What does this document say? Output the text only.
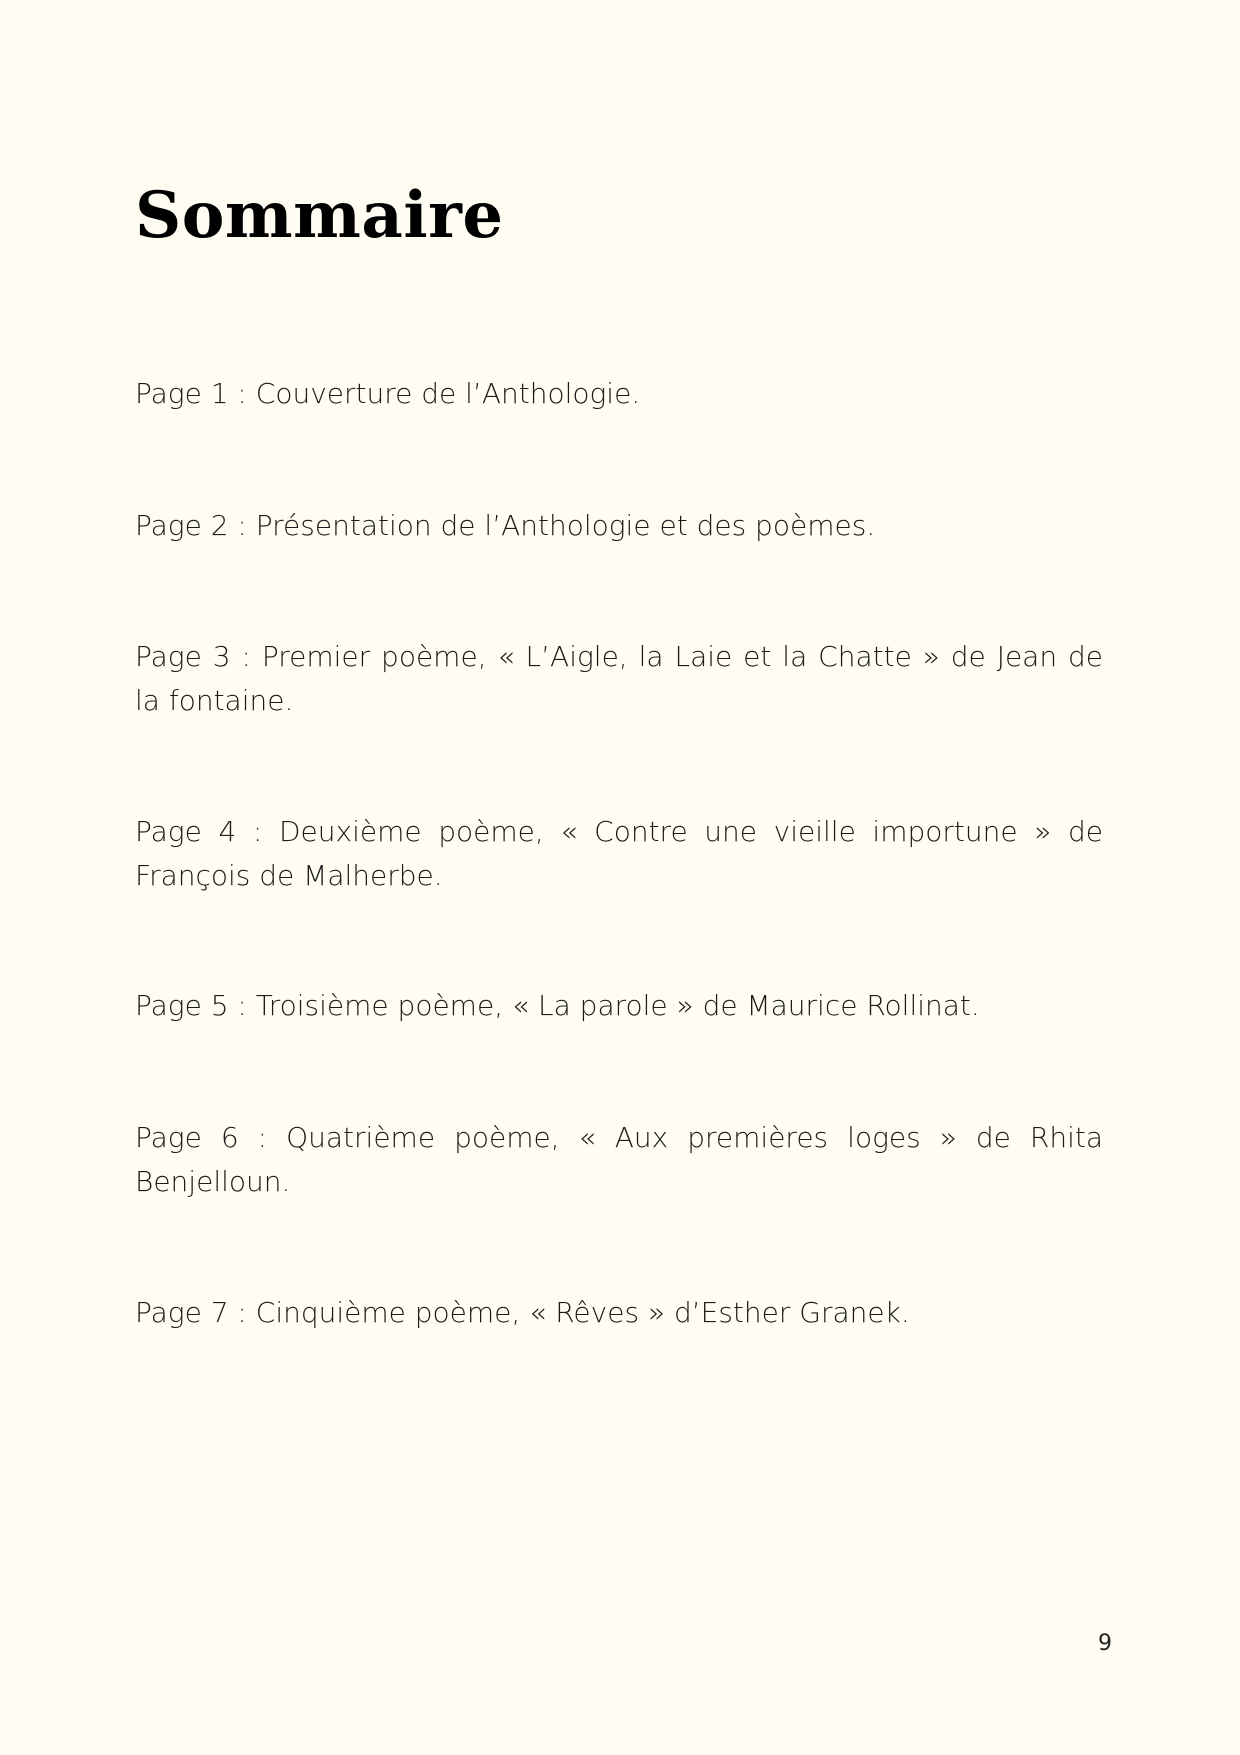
Sommaire

Page 1 : Couverture de l’Anthologie.

Page 2 : Présentation de l’Anthologie et des poèmes.

Page 3 : Premier poème, « L’Aigle, la Laie et la Chatte » de Jean de la fontaine.

Page 4 : Deuxième poème, « Contre une vieille importune » de François de Malherbe.

Page 5 : Troisième poème, « La parole » de Maurice Rollinat.

Page 6 : Quatrième poème, « Aux premières loges » de Rhita Benjelloun.

Page 7 : Cinquième poème, « Rêves » d’Esther Granek.

9
